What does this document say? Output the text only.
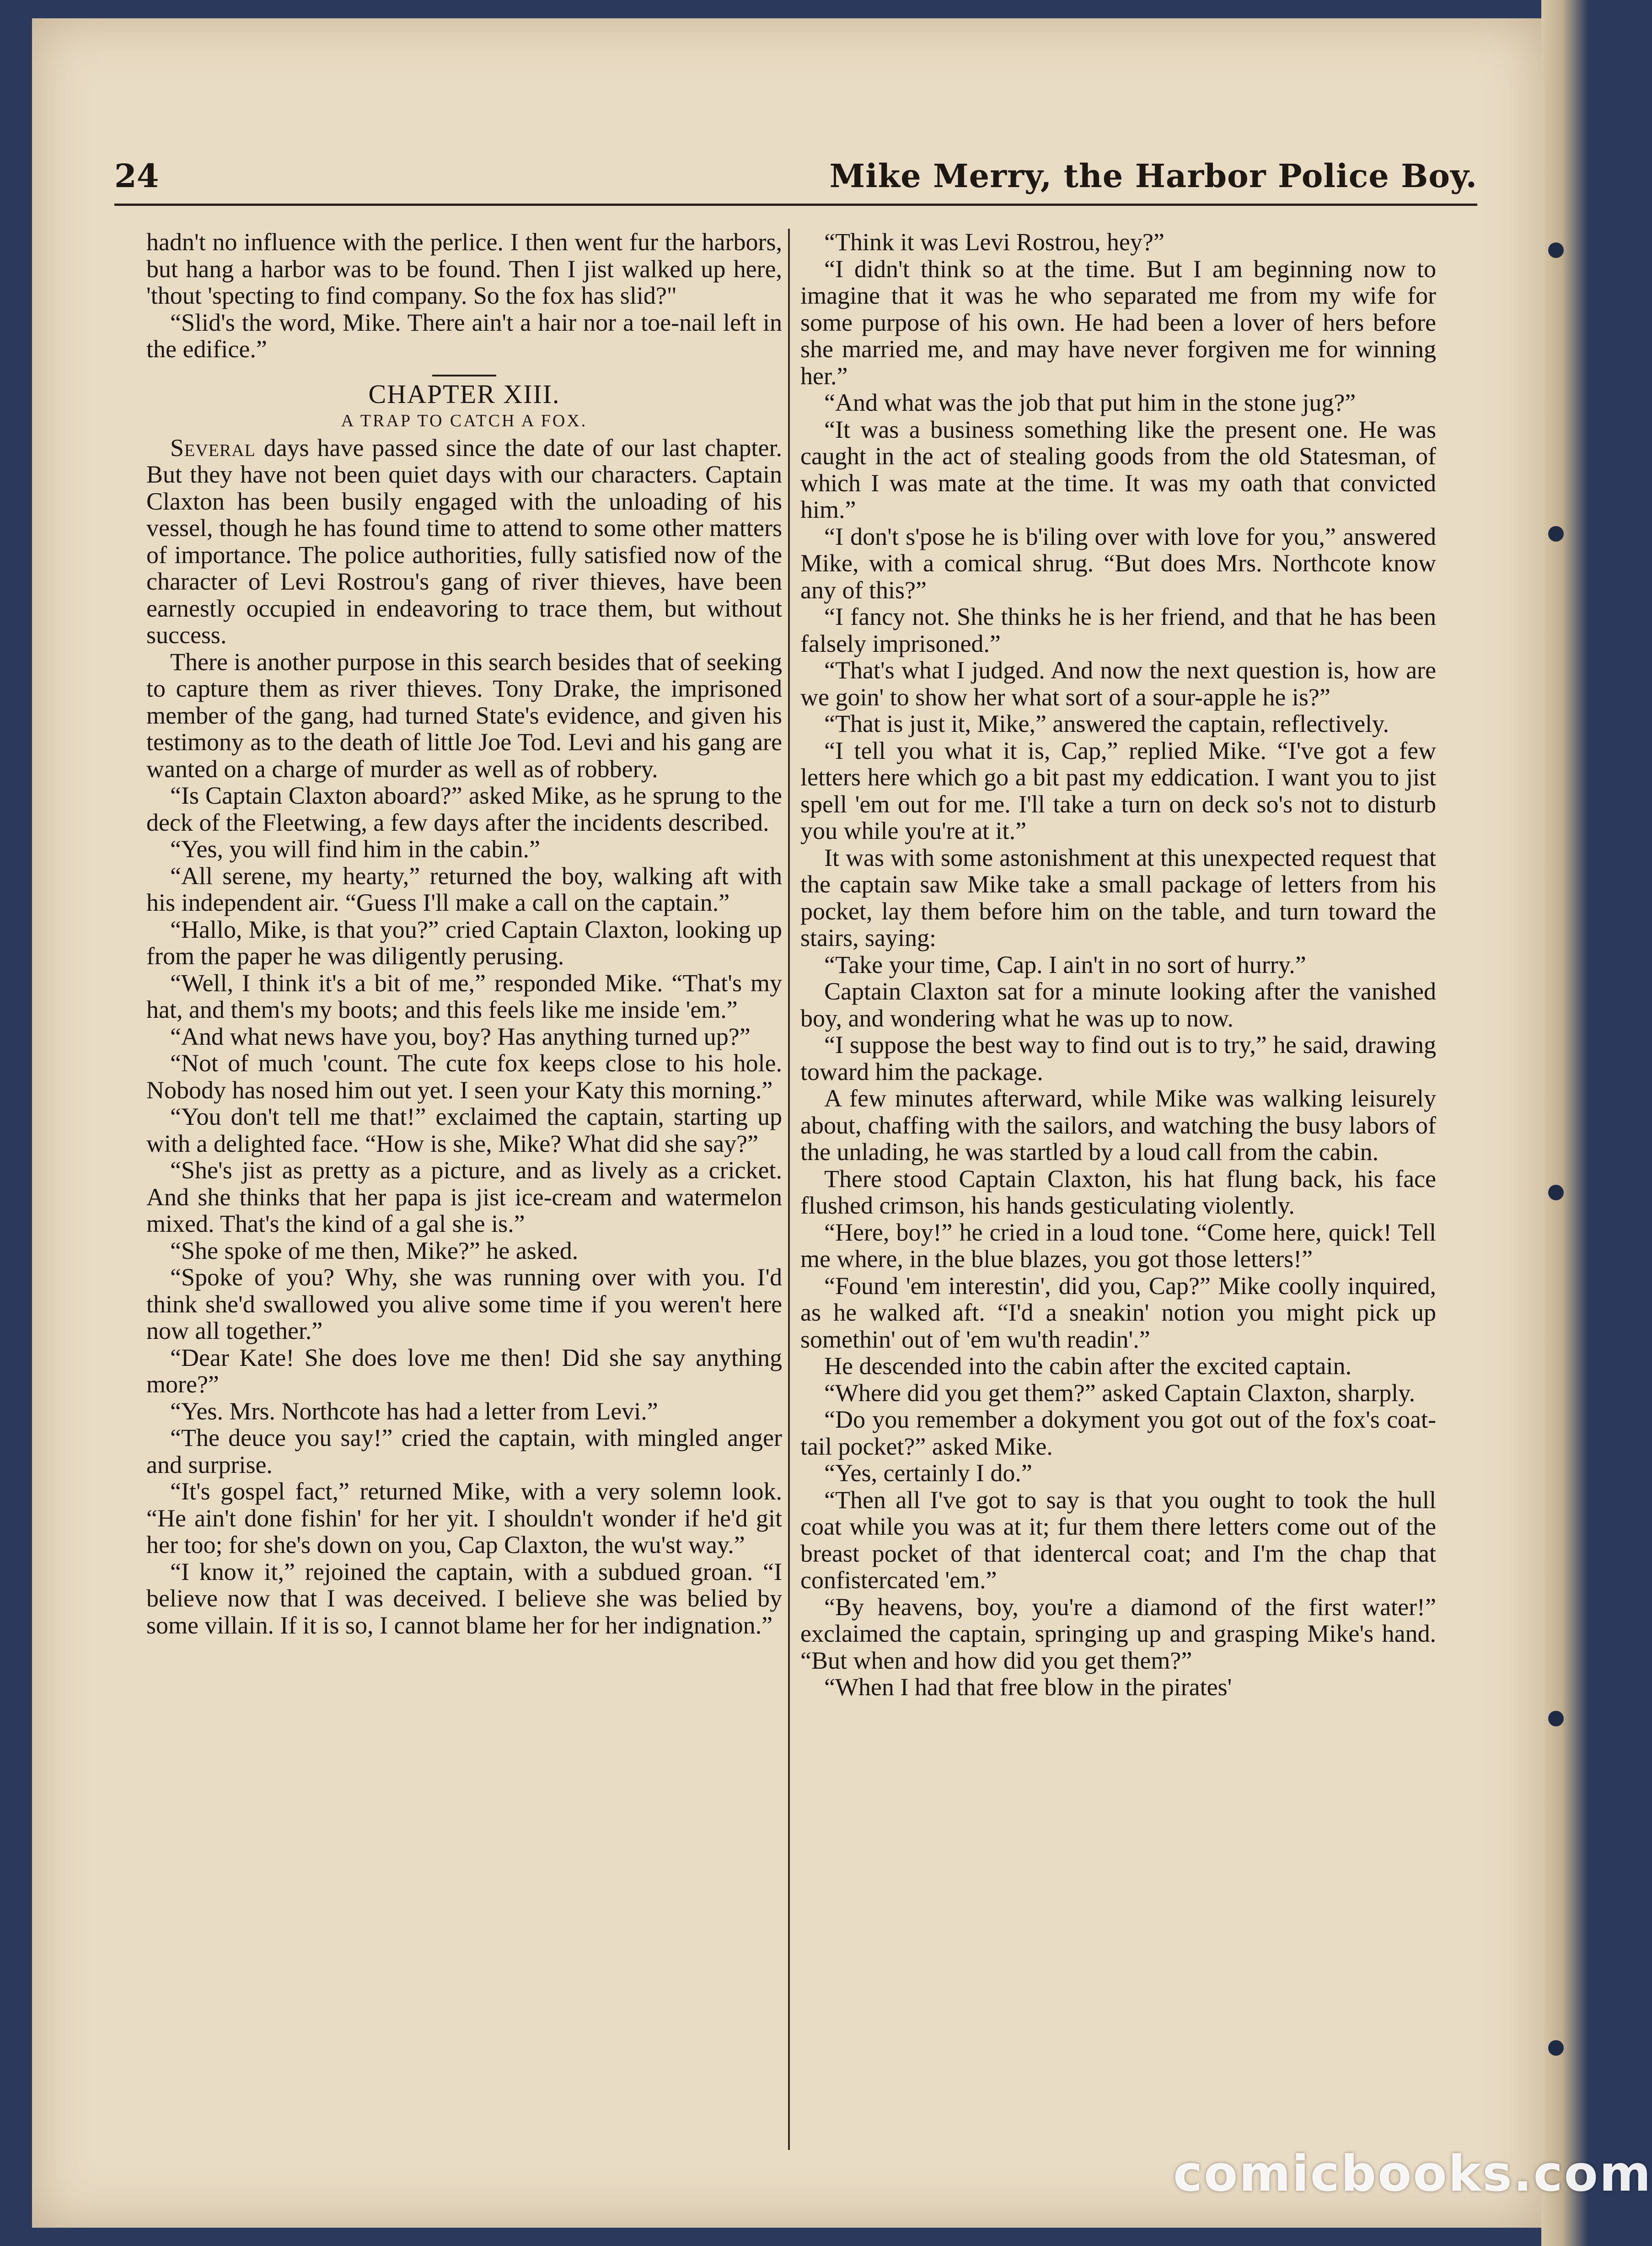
24	Mike Merry, the Harbor Police Boy.

hadn't no influence with the perlice. I then went fur the harbors, but hang a harbor was to be found. Then I jist walked up here, 'thout 'specting to find company. So the fox has slid?"

“Slid's the word, Mike. There ain't a hair nor a toe-nail left in the edifice.”

CHAPTER XIII.

A TRAP TO CATCH A FOX.

Several days have passed since the date of our last chapter. But they have not been quiet days with our characters. Captain Claxton has been busily engaged with the unloading of his vessel, though he has found time to attend to some other matters of importance. The police authorities, fully satisfied now of the character of Levi Rostrou's gang of river thieves, have been earnestly occupied in endeavoring to trace them, but without success.

There is another purpose in this search besides that of seeking to capture them as river thieves. Tony Drake, the imprisoned member of the gang, had turned State's evidence, and given his testimony as to the death of little Joe Tod. Levi and his gang are wanted on a charge of murder as well as of robbery.

“Is Captain Claxton aboard?” asked Mike, as he sprung to the deck of the Fleetwing, a few days after the incidents described.

“Yes, you will find him in the cabin.”

“All serene, my hearty,” returned the boy, walking aft with his independent air. “Guess I'll make a call on the captain.”

“Hallo, Mike, is that you?” cried Captain Claxton, looking up from the paper he was diligently perusing.

“Well, I think it's a bit of me,” responded Mike. “That's my hat, and them's my boots; and this feels like me inside 'em.”

“And what news have you, boy? Has anything turned up?”

“Not of much 'count. The cute fox keeps close to his hole. Nobody has nosed him out yet. I seen your Katy this morning.”

“You don't tell me that!” exclaimed the captain, starting up with a delighted face. “How is she, Mike? What did she say?”

“She's jist as pretty as a picture, and as lively as a cricket. And she thinks that her papa is jist ice-cream and watermelon mixed. That's the kind of a gal she is.”

“She spoke of me then, Mike?” he asked.

“Spoke of you? Why, she was running over with you. I'd think she'd swallowed you alive some time if you weren't here now all together.”

“Dear Kate! She does love me then! Did she say anything more?”

“Yes. Mrs. Northcote has had a letter from Levi.”

“The deuce you say!” cried the captain, with mingled anger and surprise.

“It's gospel fact,” returned Mike, with a very solemn look. “He ain't done fishin' for her yit. I shouldn't wonder if he'd git her too; for she's down on you, Cap Claxton, the wu'st way.”

“I know it,” rejoined the captain, with a subdued groan. “I believe now that I was deceived. I believe she was belied by some villain. If it is so, I cannot blame her for her indignation.”

“Think it was Levi Rostrou, hey?”

“I didn't think so at the time. But I am beginning now to imagine that it was he who separated me from my wife for some purpose of his own. He had been a lover of hers before she married me, and may have never forgiven me for winning her.”

“And what was the job that put him in the stone jug?”

“It was a business something like the present one. He was caught in the act of stealing goods from the old Statesman, of which I was mate at the time. It was my oath that convicted him.”

“I don't s'pose he is b'iling over with love for you,” answered Mike, with a comical shrug. “But does Mrs. Northcote know any of this?”

“I fancy not. She thinks he is her friend, and that he has been falsely imprisoned.”

“That's what I judged. And now the next question is, how are we goin' to show her what sort of a sour-apple he is?”

“That is just it, Mike,” answered the captain, reflectively.

“I tell you what it is, Cap,” replied Mike. “I've got a few letters here which go a bit past my eddication. I want you to jist spell 'em out for me. I'll take a turn on deck so's not to disturb you while you're at it.”

It was with some astonishment at this unexpected request that the captain saw Mike take a small package of letters from his pocket, lay them before him on the table, and turn toward the stairs, saying:

“Take your time, Cap. I ain't in no sort of hurry.”

Captain Claxton sat for a minute looking after the vanished boy, and wondering what he was up to now.

“I suppose the best way to find out is to try,” he said, drawing toward him the package.

A few minutes afterward, while Mike was walking leisurely about, chaffing with the sailors, and watching the busy labors of the unlading, he was startled by a loud call from the cabin.

There stood Captain Claxton, his hat flung back, his face flushed crimson, his hands gesticulating violently.

“Here, boy!” he cried in a loud tone. “Come here, quick! Tell me where, in the blue blazes, you got those letters!”

“Found 'em interestin', did you, Cap?” Mike coolly inquired, as he walked aft. “I'd a sneakin' notion you might pick up somethin' out of 'em wu'th readin'.”

He descended into the cabin after the excited captain.

“Where did you get them?” asked Captain Claxton, sharply.

“Do you remember a dokyment you got out of the fox's coat-tail pocket?” asked Mike.

“Yes, certainly I do.”

“Then all I've got to say is that you ought to took the hull coat while you was at it; fur them there letters come out of the breast pocket of that identercal coat; and I'm the chap that confistercated 'em.”

“By heavens, boy, you're a diamond of the first water!” exclaimed the captain, springing up and grasping Mike's hand. “But when and how did you get them?”

“When I had that free blow in the pirates'

comicbooks.com
